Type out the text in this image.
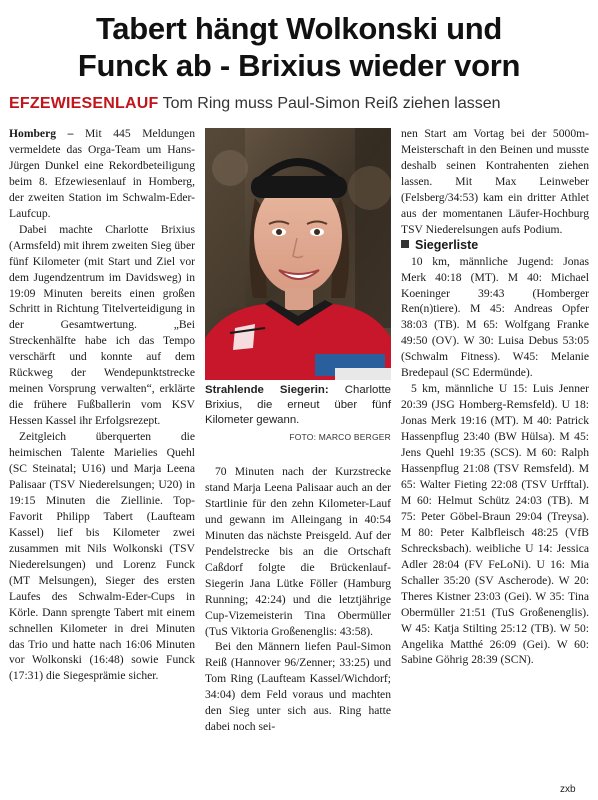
Tabert hängt Wolkonski und
Funck ab - Brixius wieder vorn
EFZEWIESENLAUF Tom Ring muss Paul-Simon Reiß ziehen lassen

Homberg – Mit 445 Meldungen vermeldete das Orga-Team um Hans-Jürgen Dunkel eine Rekordbeteiligung beim 8. Efzewiesenlauf in Homberg, der zweiten Station im Schwalm-Eder-Laufcup.

Dabei machte Charlotte Brixius (Armsfeld) mit ihrem zweiten Sieg über fünf Kilometer (mit Start und Ziel vor dem Jugendzentrum im Davidsweg) in 19:09 Minuten bereits einen großen Schritt in Richtung Titelverteidigung in der Gesamtwertung. „Bei Streckenhälfte habe ich das Tempo verschärft und konnte auf dem Rückweg der Wendepunktstrecke meinen Vorsprung verwalten“, erklärte die frühere Fußballerin vom KSV Hessen Kassel ihr Erfolgsrezept.

Zeitgleich überquerten die heimischen Talente Marielies Quehl (SC Steinatal; U16) und Marja Leena Palisaar (TSV Niederelsungen; U20) in 19:15 Minuten die Ziellinie. Top-Favorit Philipp Tabert (Laufteam Kassel) lief bis Kilometer zwei zusammen mit Nils Wolkonski (TSV Niederelsungen) und Lorenz Funck (MT Melsungen), Sieger des ersten Laufes des Schwalm-Eder-Cups in Körle. Dann sprengte Tabert mit einem schnellen Kilometer in drei Minuten das Trio und hatte nach 16:06 Minuten vor Wolkonski (16:48) sowie Funck (17:31) die Siegesprämie sicher.

Strahlende Siegerin: Charlotte Brixius, die erneut über fünf Kilometer gewann.
FOTO: MARCO BERGER

70 Minuten nach der Kurzstrecke stand Marja Leena Palisaar auch an der Startlinie für den zehn Kilometer-Lauf und gewann im Alleingang in 40:54 Minuten das nächste Preisgeld. Auf der Pendelstrecke bis an die Ortschaft Caßdorf folgte die Brückenlauf-Siegerin Jana Lütke Föller (Hamburg Running; 42:24) und die letztjährige Cup-Vizemeisterin Tina Obermüller (TuS Viktoria Großenenglis: 43:58).

Bei den Männern liefen Paul-Simon Reiß (Hannover 96/Zenner; 33:25) und Tom Ring (Laufteam Kassel/Wichdorf; 34:04) dem Feld voraus und machten den Sieg unter sich aus. Ring hatte dabei noch sei-

nen Start am Vortag bei der 5000m-Meisterschaft in den Beinen und musste deshalb seinen Kontrahenten ziehen lassen. Mit Max Leinweber (Felsberg/34:53) kam ein dritter Athlet aus der momentanen Läufer-Hochburg TSV Niederelsungen aufs Podium.

Siegerliste

10 km, männliche Jugend: Jonas Merk 40:18 (MT). M 40: Michael Koeninger 39:43 (Homberger Ren(n)tiere). M 45: Andreas Opfer 38:03 (TB). M 65: Wolfgang Franke 49:50 (OV). W 30: Luisa Debus 53:05 (Schwalm Fitness). W45: Melanie Bredepaul (SC Edermünde).

5 km, männliche U 15: Luis Jenner 20:39 (JSG Homberg-Remsfeld). U 18: Jonas Merk 19:16 (MT). M 40: Patrick Hassenpflug 23:40 (BW Hülsa). M 45: Jens Quehl 19:35 (SCS). M 60: Ralph Hassenpflug 21:08 (TSV Remsfeld). M 65: Walter Fieting 22:08 (TSV Urfftal). M 60: Helmut Schütz 24:03 (TB). M 75: Peter Göbel-Braun 29:04 (Treysa). M 80: Peter Kalbfleisch 48:25 (VfB Schrecksbach). weibliche U 14: Jessica Adler 28:04 (FV FeLoNi). U 16: Mia Schaller 35:20 (SV Ascherode). W 20: Theres Kistner 23:03 (Gei). W 35: Tina Obermüller 21:51 (TuS Großenenglis). W 45: Katja Stilting 25:12 (TB). W 50: Angelika Matthé 26:09 (Gei). W 60: Sabine Göhrig 28:39 (SCN).

zxb
